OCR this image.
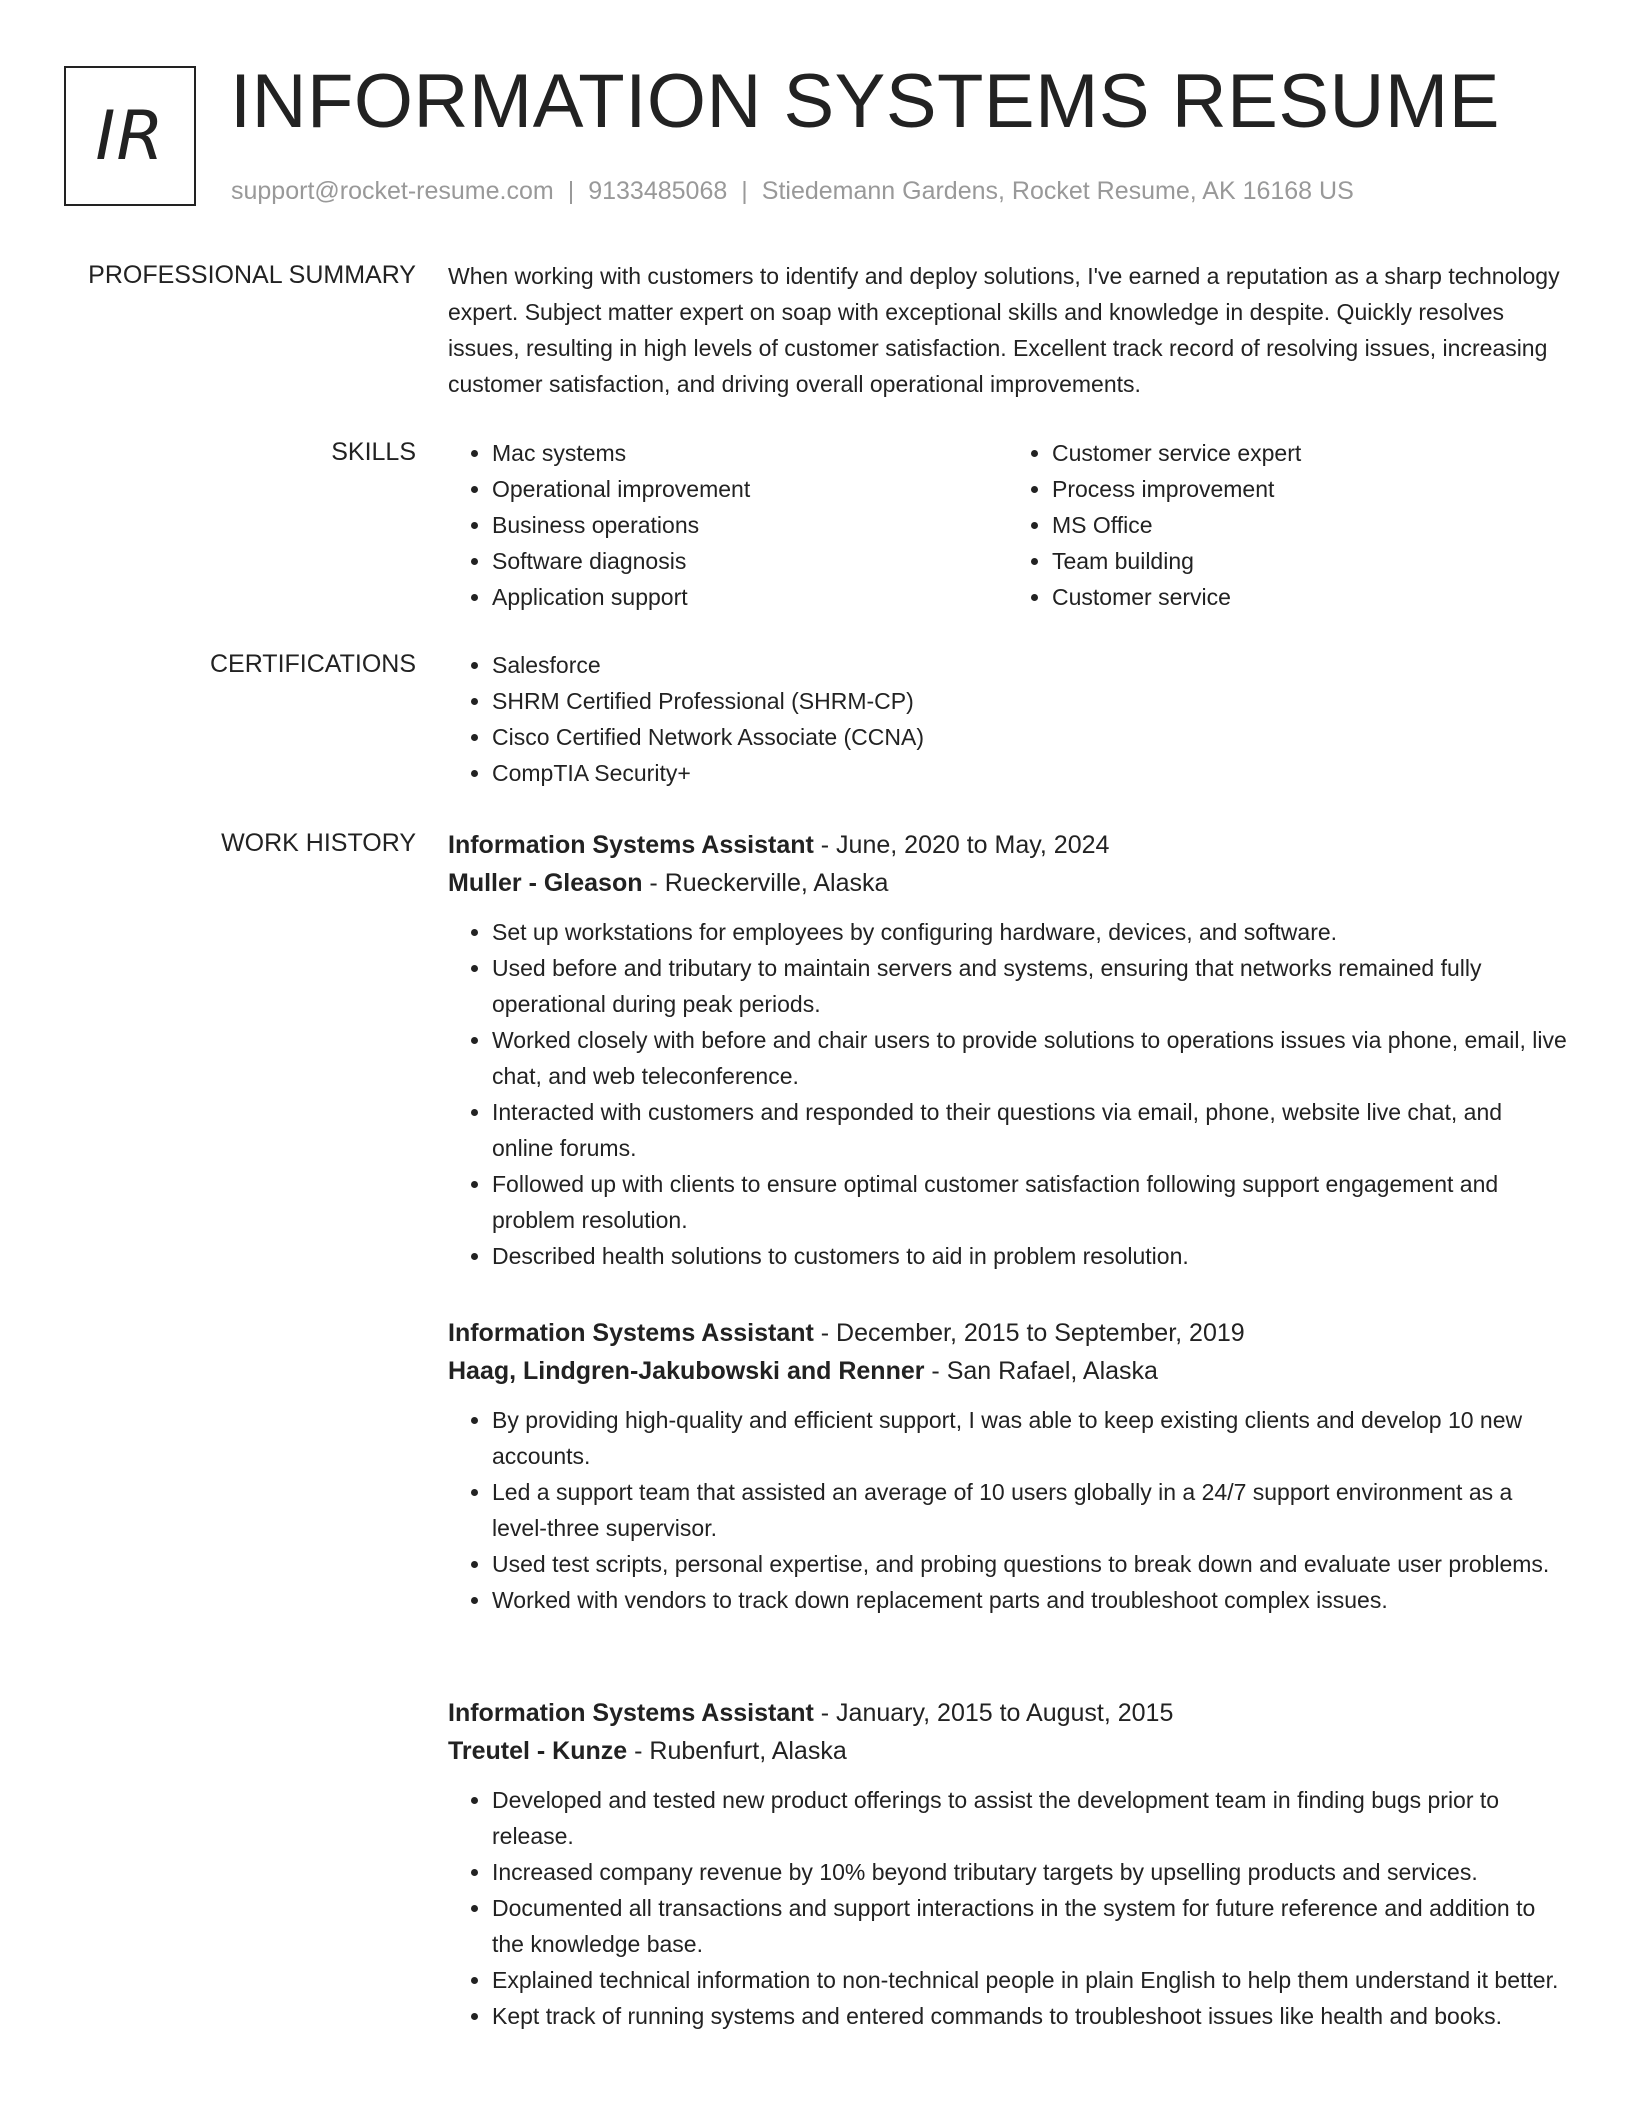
IR INFORMATION SYSTEMS RESUME
support@rocket-resume.com | 9133485068 | Stiedemann Gardens, Rocket Resume, AK 16168 US
PROFESSIONAL SUMMARY When working with customers to identify and deploy solutions, I've earned a reputation as a sharp technology expert. Subject matter expert on soap with exceptional skills and knowledge in despite. Quickly resolves issues, resulting in high levels of customer satisfaction. Excellent track record of resolving issues, increasing customer satisfaction, and driving overall operational improvements.

SKILLS	• Mac systems
• Operational improvement
• Business operations
• Software diagnosis
• Application support
• Customer service expert
• Process improvement
• MS Office
• Team building
• Customer service
CERTIFICATIONS	• Salesforce
• SHRM Certified Professional (SHRM-CP)
• Cisco Certified Network Associate (CCNA)
• CompTIA Security+
WORK HISTORY Information Systems Assistant - June, 2020 to May, 2024
Muller - Gleason - Rueckerville, Alaska
• Set up workstations for employees by configuring hardware, devices, and software.
• Used before and tributary to maintain servers and systems, ensuring that networks remained fully operational during peak periods.
• Worked closely with before and chair users to provide solutions to operations issues via phone, email, live chat, and web teleconference.
• Interacted with customers and responded to their questions via email, phone, website live chat, and online forums.
• Followed up with clients to ensure optimal customer satisfaction following support engagement and problem resolution.
• Described health solutions to customers to aid in problem resolution.
Information Systems Assistant - December, 2015 to September, 2019
Haag, Lindgren-Jakubowski and Renner - San Rafael, Alaska
• By providing high-quality and efficient support, I was able to keep existing clients and develop 10 new accounts.
• Led a support team that assisted an average of 10 users globally in a 24/7 support environment as a level-three supervisor.
• Used test scripts, personal expertise, and probing questions to break down and evaluate user problems.
• Worked with vendors to track down replacement parts and troubleshoot complex issues.
Information Systems Assistant - January, 2015 to August, 2015
Treutel - Kunze - Rubenfurt, Alaska
• Developed and tested new product offerings to assist the development team in finding bugs prior to release.
• Increased company revenue by 10% beyond tributary targets by upselling products and services.
• Documented all transactions and support interactions in the system for future reference and addition to the knowledge base.
• Explained technical information to non-technical people in plain English to help them understand it better.
• Kept track of running systems and entered commands to troubleshoot issues like health and books.
